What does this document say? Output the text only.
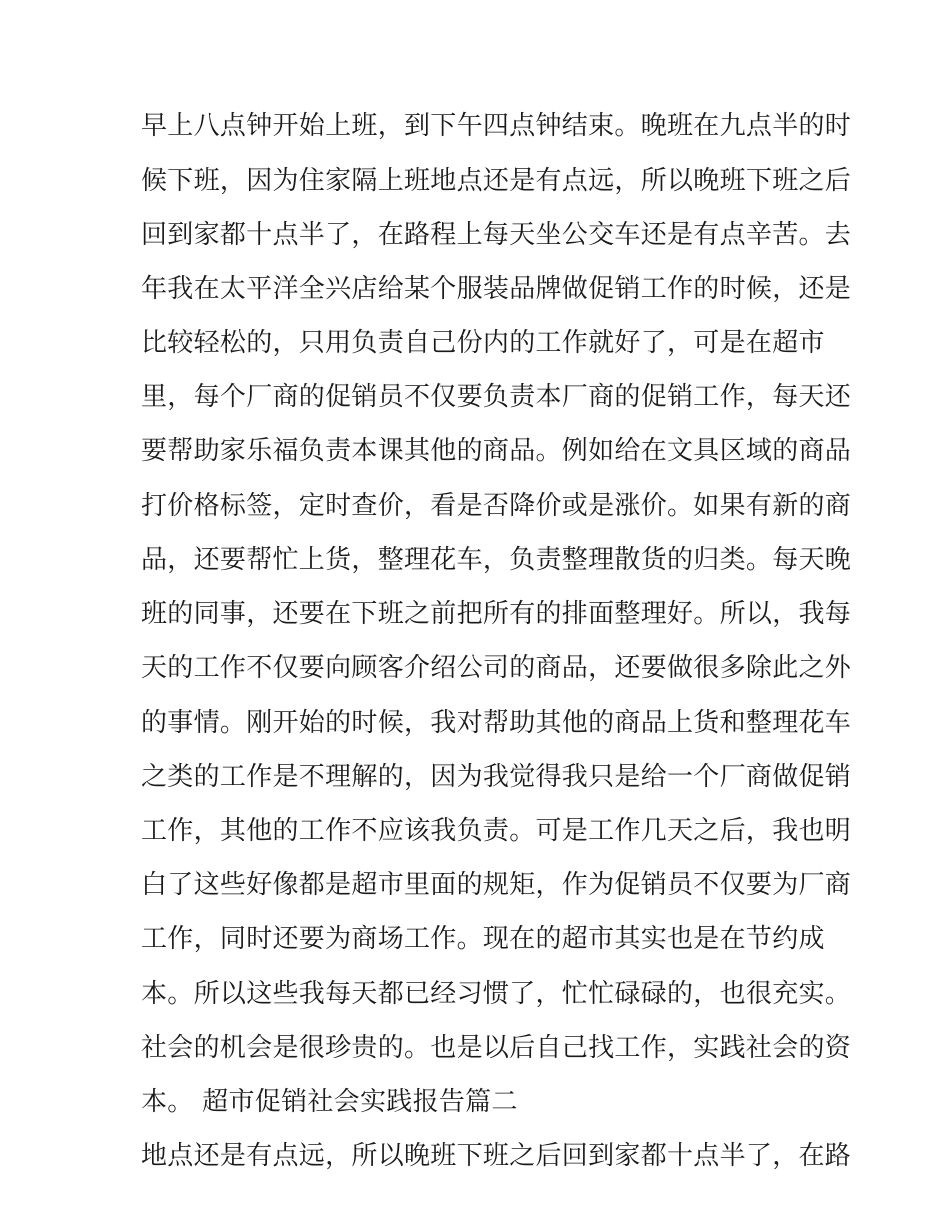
早上八点钟开始上班，到下午四点钟结束。晚班在九点半的时
候下班，因为住家隔上班地点还是有点远，所以晚班下班之后
回到家都十点半了，在路程上每天坐公交车还是有点辛苦。去
年我在太平洋全兴店给某个服装品牌做促销工作的时候，还是
比较轻松的，只用负责自己份内的工作就好了，可是在超市
里，每个厂商的促销员不仅要负责本厂商的促销工作，每天还
要帮助家乐福负责本课其他的商品。例如给在文具区域的商品
打价格标签，定时查价，看是否降价或是涨价。如果有新的商
品，还要帮忙上货，整理花车，负责整理散货的归类。每天晚
班的同事，还要在下班之前把所有的排面整理好。所以，我每
天的工作不仅要向顾客介绍公司的商品，还要做很多除此之外
的事情。刚开始的时候，我对帮助其他的商品上货和整理花车
之类的工作是不理解的，因为我觉得我只是给一个厂商做促销
工作，其他的工作不应该我负责。可是工作几天之后，我也明
白了这些好像都是超市里面的规矩，作为促销员不仅要为厂商
工作，同时还要为商场工作。现在的超市其实也是在节约成
本。所以这些我每天都已经习惯了，忙忙碌碌的，也很充实。
社会的机会是很珍贵的。也是以后自己找工作，实践社会的资
本。 超市促销社会实践报告篇二
地点还是有点远，所以晚班下班之后回到家都十点半了，在路
